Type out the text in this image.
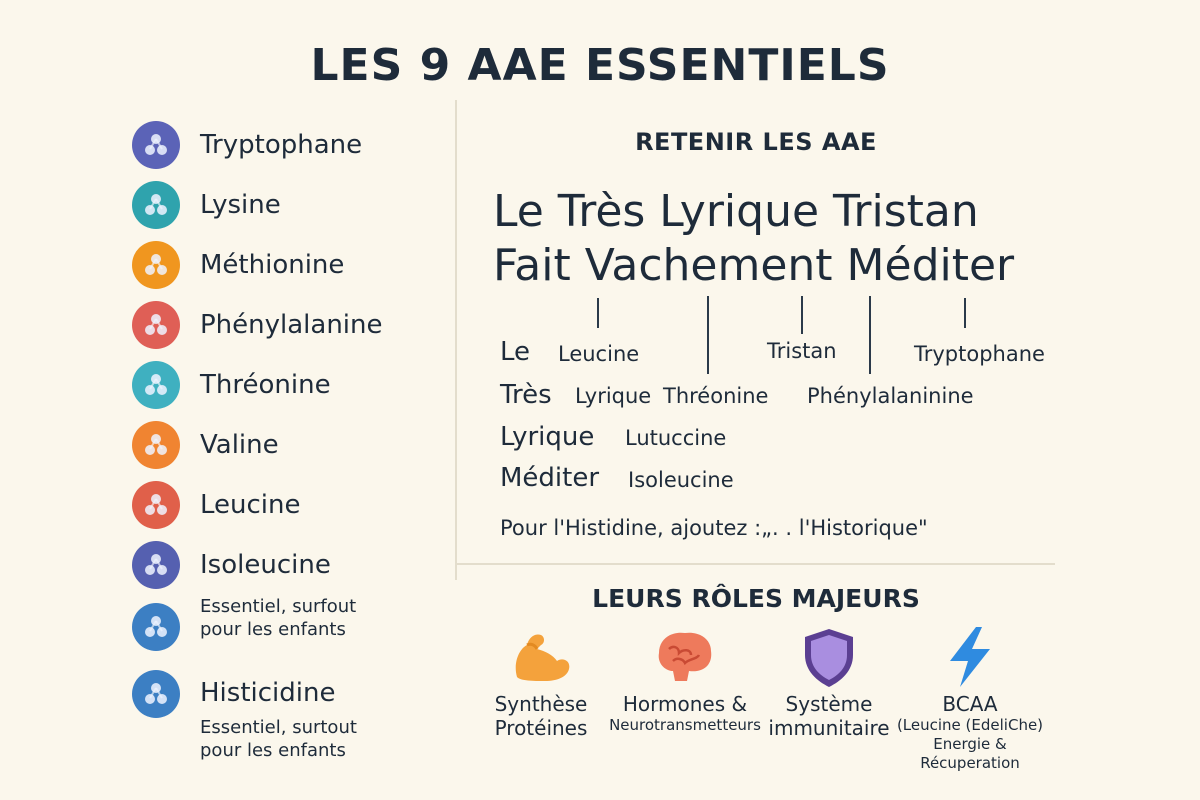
LES 9 AAE ESSENTIELS
Tryptophane
Lysine
Méthionine
Phénylalanine
Thréonine
Valine
Leucine
Isoleucine
Essentiel, surfout
pour les enfants
Histicidine
Essentiel, surtout
pour les enfants
RETENIR LES AAE
Le Très Lyrique Tristan
Fait Vachement Méditer
Tristan	Tryptophane
Le Leucine
Très Lyrique Thréonine Phénylalaninine
Lyrique Lutuccine
Méditer Isoleucine
Pour l'Histidine, ajoutez :„. . l'Historique"
LEURS RÔLES MAJEURS
Synthèse
Protéines
Hormones &
Neurotransmetteurs
Système
immunitaire
BCAA
(Leucine (EdeliChe)
Energie & Récuperation
